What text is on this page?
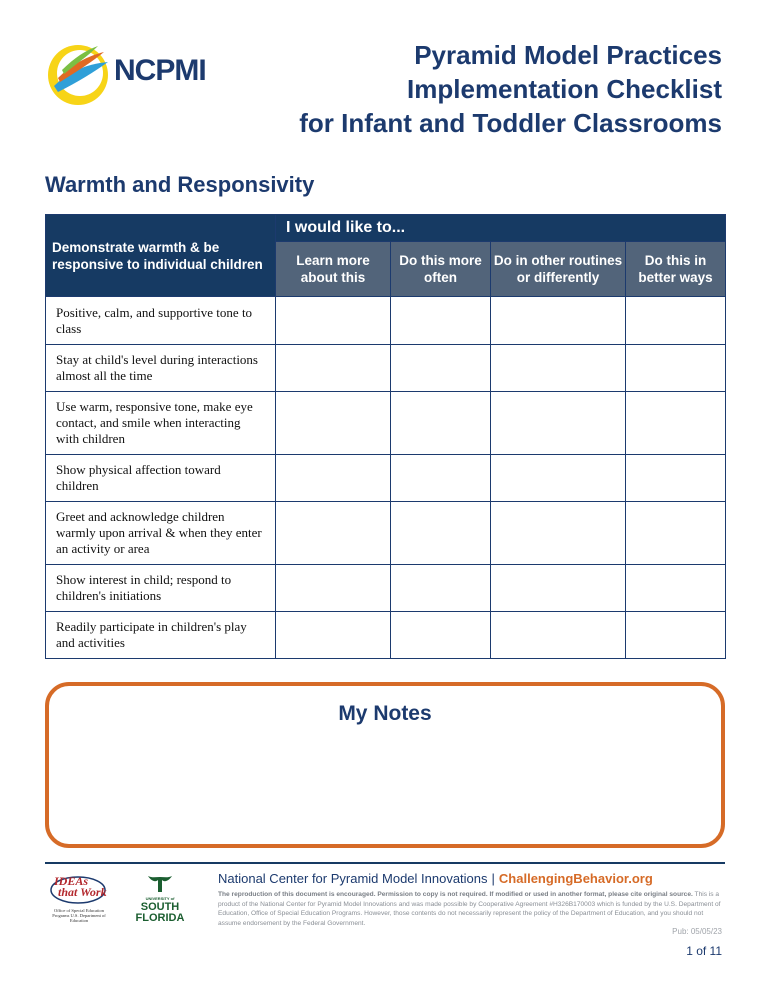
NCPMI	Pyramid Model Practices
Implementation Checklist
for Infant and Toddler Classrooms
Warmth and Responsivity
Demonstrate warmth & be responsive to individual children	I would like to...			
	Learn more about this	Do this more often	Do in other routines or differently	Do this in better ways
Positive, calm, and supportive tone to class				
Stay at child's level during interactions almost all the time				
Use warm, responsive tone, make eye contact, and smile when interacting with children				
Show physical affection toward children				
Greet and acknowledge children warmly upon arrival & when they enter an activity or area				
Show interest in child; respond to children's initiations				
Readily participate in children's play and activities				
My Notes
IDEAs
that Work
Office of Special Education Programs U.S. Department of Education
UNIVERSITY of
SOUTH FLORIDA
National Center for Pyramid Model Innovations | ChallengingBehavior.org
The reproduction of this document is encouraged. Permission to copy is not required. If modified or used in another format, please cite original source. This is a product of the National Center for Pyramid Model Innovations and was made possible by Cooperative Agreement #H326B170003 which is funded by the U.S. Department of Education, Office of Special Education Programs. However, those contents do not necessarily represent the policy of the Department of Education, and you should not assume endorsement by the Federal Government.
Pub: 05/05/23
1 of 11
